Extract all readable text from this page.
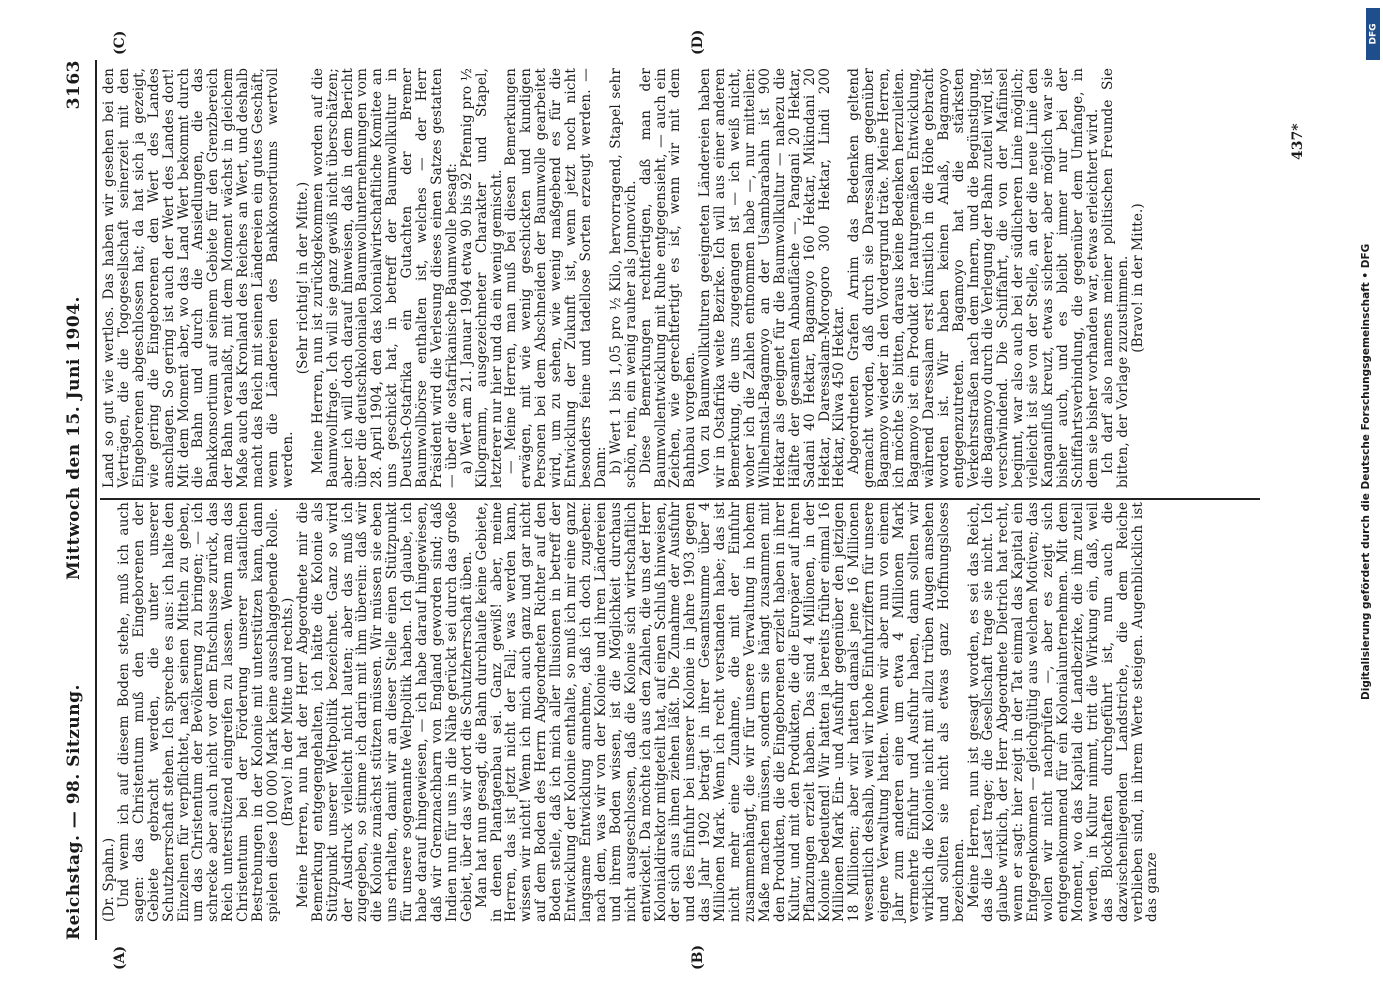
Reichstag. — 98. Sitzung.
Mittwoch den 15. Juni 1904.
3163
(A)	(B)
(C)	(D)

(Dr. Spahn.)

Und wenn ich auf diesem Boden stehe, muß ich auch sagen: das Christentum muß den Eingeborenen der Gebiete gebracht werden, die unter unserer Schutzherrschaft stehen. Ich spreche es aus: ich halte den Einzelnen für verpflichtet, nach seinen Mitteln zu geben, um das Christentum der Bevölkerung zu bringen; — ich schrecke aber auch nicht vor dem Entschlusse zurück, das Reich unterstützend eingreifen zu lassen. Wenn man das Christentum bei der Förderung unserer staatlichen Bestrebungen in der Kolonie mit unterstützen kann, dann spielen diese 100 000 Mark keine ausschlaggebende Rolle.

(Bravo! in der Mitte und rechts.)

Meine Herren, nun hat der Herr Abgeordnete mir die Bemerkung entgegengehalten, ich hätte die Kolonie als Stützpunkt unserer Weltpolitik bezeichnet. Ganz so wird der Ausdruck vielleicht nicht lauten; aber das muß ich zugegeben, so stimme ich darin mit ihm überein: daß wir die Kolonie zunächst stützen müssen. Wir müssen sie eben uns erhalten, damit wir an dieser Stelle einen Stützpunkt für unsere sogenannte Weltpolitik haben. Ich glaube, ich habe darauf hingewiesen, — ich habe darauf hingewiesen, daß wir Grenznachbarn von England geworden sind; daß Indien nun für uns in die Nähe gerückt sei durch das große Gebiet, über das wir dort die Schutzherrschaft üben.

Man hat nun gesagt, die Bahn durchlaufe keine Gebiete, in denen Plantagenbau sei. Ganz gewiß! aber, meine Herren, das ist jetzt nicht der Fall; was werden kann, wissen wir nicht! Wenn ich mich auch ganz und gar nicht auf dem Boden des Herrn Abgeordneten Richter auf den Boden stelle, daß ich mich aller Illusionen in betreff der Entwicklung der Kolonie enthalte, so muß ich mir eine ganz langsame Entwicklung annehme, daß ich doch zugeben: nach dem, was wir von der Kolonie und ihren Ländereien und ihrem Boden wissen, ist die Möglichkeit durchaus nicht ausgeschlossen, daß die Kolonie sich wirtschaftlich entwickelt. Da möchte ich aus den Zahlen, die uns der Herr Kolonialdirektor mitgeteilt hat, auf einen Schluß hinweisen, der sich aus ihnen ziehen läßt. Die Zunahme der Ausfuhr und des Einfuhr bei unserer Kolonie in Jahre 1903 gegen das Jahr 1902 beträgt in ihrer Gesamtsumme über 4 Millionen Mark. Wenn ich recht verstanden habe; das ist nicht mehr eine Zunahme, die mit der Einfuhr zusammenhängt, die wir für unsere Verwaltung in hohem Maße machen müssen, sondern sie hängt zusammen mit den Produkten, die die Eingeborenen erzielt haben in ihrer Kultur, und mit den Produkten, die die Europäer auf ihren Pflanzungen erzielt haben. Das sind 4 Millionen, in der Kolonie bedeutend! Wir hatten ja bereits früher einmal 16 Millionen Mark Ein- und Ausfuhr gegenüber den jetzigen 18 Millionen; aber wir hatten damals jene 16 Millionen wesentlich deshalb, weil wir hohe Einfuhrziffern für unsere eigene Verwaltung hatten. Wenn wir aber nun von einem Jahr zum anderen eine um etwa 4 Millionen Mark vermehrte Einfuhr und Ausfuhr haben, dann sollten wir wirklich die Kolonie nicht mit allzu trüben Augen ansehen und sollten sie nicht als etwas ganz Hoffnungsloses bezeichnen.

Meine Herren, nun ist gesagt worden, es sei das Reich, das die Last trage; die Gesellschaft trage sie nicht. Ich glaube wirklich, der Herr Abgeordnete Dietrich hat recht, wenn er sagt: hier zeigt in der Tat einmal das Kapital ein Entgegenkommen — gleichgültig aus welchen Motiven; das wollen wir nicht nachprüfen —, aber es zeigt sich entgegenkommend für ein Kolonialunternehmen. Mit dem Moment, wo das Kapital die Landbezirke, die ihm zuteil werden, in Kultur nimmt, tritt die Wirkung ein, daß, weil das Blockhaften durchgeführt ist, nun auch die dazwischenliegenden Landstriche, die dem Reiche verblieben sind, in ihrem Werte steigen. Augenblicklich ist das ganze

Land so gut wie wertlos. Das haben wir gesehen bei den Verträgen, die die Togogesellschaft seinerzeit mit den Eingeborenen abgeschlossen hat; da hat sich ja gezeigt, wie gering die Eingeborenen den Wert des Landes anschlagen. So gering ist auch der Wert des Landes dort! Mit dem Moment aber, wo das Land Wert bekommt durch die Bahn und durch die Ansiedlungen, die das Bankkonsortium auf seinem Gebiete für den Grenzbereich der Bahn veranlaßt, mit dem Moment wächst in gleichem Maße auch das Kronland des Reiches an Wert, und deshalb macht das Reich mit seinen Ländereien ein gutes Geschäft, wenn die Ländereien des Bankkonsortiums wertvoll werden.

(Sehr richtig! in der Mitte.)

Meine Herren, nun ist zurückgekommen worden auf die Baumwollfrage. Ich will sie ganz gewiß nicht überschätzen; aber ich will doch darauf hinweisen, daß in dem Bericht über die deutschkolonialen Baumwollunternehmungen vom 28. April 1904, den das kolonialwirtschaftliche Komitee an uns geschickt hat, in betreff der Baumwollkultur in Deutsch-Ostafrika ein Gutachten der Bremer Baumwollbörse enthalten ist, welches — der Herr Präsident wird die Verlesung dieses einen Satzes gestatten — über die ostafrikanische Baumwolle besagt:

a) Wert am 21. Januar 1904 etwa 90 bis 92 Pfennig pro ½ Kilogramm, ausgezeichneter Charakter und Stapel, letzterer nur hier und da ein wenig gemischt.

— Meine Herren, man muß bei diesen Bemerkungen erwägen, mit wie wenig geschickten und kundigen Personen bei dem Abschneiden der Baumwolle gearbeitet wird, um zu sehen, wie wenig maßgebend es für die Entwicklung der Zukunft ist, wenn jetzt noch nicht besonders feine und tadellose Sorten erzeugt werden. — Dann:

b) Wert 1 bis 1,05 pro ½ Kilo, hervorragend, Stapel sehr schön, rein, ein wenig rauher als Jonnovich.

Diese Bemerkungen rechtfertigen, daß man der Baumwollentwicklung mit Ruhe entgegensieht, — auch ein Zeichen, wie gerechtfertigt es ist, wenn wir mit dem Bahnbau vorgehen.

Von zu Baumwollkulturen geeigneten Ländereien haben wir in Ostafrika weite Bezirke. Ich will aus einer anderen Bemerkung, die uns zugegangen ist — ich weiß nicht, woher ich die Zahlen entnommen habe —, nur mitteilen: Wilhelmstal-Bagamoyo an der Usambarabahn ist 900 Hektar als geeignet für die Baumwollkultur — nahezu die Hälfte der gesamten Anbaufläche —, Pangani 20 Hektar, Sadani 40 Hektar, Bagamoyo 160 Hektar, Mikindani 20 Hektar, Daressalam-Morogoro 300 Hektar, Lindi 200 Hektar, Kilwa 450 Hektar.

Abgeordneten Grafen Arnim das Bedenken geltend gemacht worden, daß durch sie Daressalam gegenüber Bagamoyo wieder in den Vordergrund träte. Meine Herren, ich möchte Sie bitten, daraus keine Bedenken herzuleiten. Bagamoyo ist ein Produkt der naturgemäßen Entwicklung, während Daressalam erst künstlich in die Höhe gebracht worden ist. Wir haben keinen Anlaß, Bagamoyo entgegenzutreten. Bagamoyo hat die stärksten Verkehrsstraßen nach dem Innern, und die Begünstigung, die Bagamoyo durch die Verlegung der Bahn zuteil wird, ist verschwindend. Die Schiffahrt, die von der Mafiinsel beginnt, war also auch bei der südlicheren Linie möglich; vielleicht ist sie von der Stelle, an der die neue Linie den Kanganifluß kreuzt, etwas sicherer, aber möglich war sie bisher auch, und es bleibt immer nur bei der Schiffahrtsverbindung, die gegenüber dem Umfange, in dem sie bisher vorhanden war, etwas erleichtert wird.

Ich darf also namens meiner politischen Freunde Sie bitten, der Vorlage zuzustimmen.

(Bravo! in der Mitte.)

437*
DFG
Digitalisierung gefördert durch die Deutsche Forschungsgemeinschaft • DFG
